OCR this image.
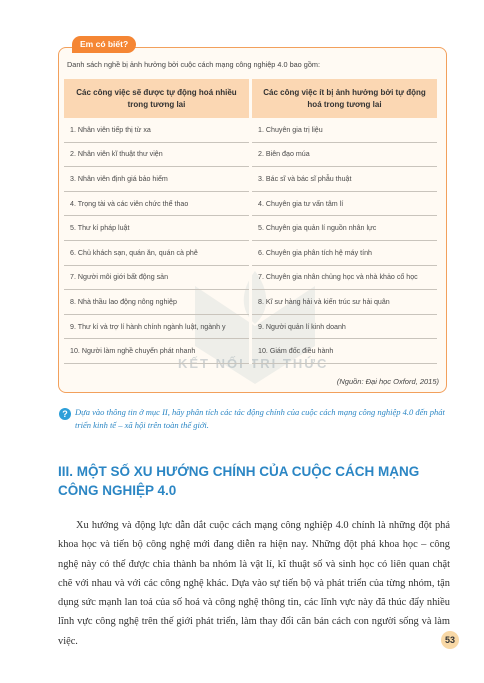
Em có biết?
Danh sách nghề bị ảnh hưởng bởi cuộc cách mạng công nghiệp 4.0 bao gồm:
KẾT NỐI TRI THỨC
Các công việc sẽ được tự động hoá nhiều trong tương lai	Các công việc ít bị ảnh hưởng bởi tự động hoá trong tương lai
1. Nhân viên tiếp thị từ xa	1. Chuyên gia trị liệu
2. Nhân viên kĩ thuật thư viện	2. Biên đạo múa
3. Nhân viên định giá bảo hiểm	3. Bác sĩ và bác sĩ phẫu thuật
4. Trọng tài và các viên chức thể thao	4. Chuyên gia tư vấn tâm lí
5. Thư kí pháp luật	5. Chuyên gia quản lí nguồn nhân lực
6. Chủ khách sạn, quán ăn, quán cà phê	6. Chuyên gia phân tích hệ máy tính
7. Người môi giới bất động sản	7. Chuyên gia nhân chủng học và nhà khảo cổ học
8. Nhà thầu lao động nông nghiệp	8. Kĩ sư hàng hải và kiến trúc sư hải quân
9. Thư kí và trợ lí hành chính ngành luật, ngành y	9. Người quản lí kinh doanh
10. Người làm nghề chuyển phát nhanh	10. Giám đốc điều hành
(Nguồn: Đại học Oxford, 2015)
? Dựa vào thông tin ở mục II, hãy phân tích các tác động chính của cuộc cách mạng công nghiệp 4.0 đến phát triển kinh tế – xã hội trên toàn thế giới.
III. MỘT SỐ XU HƯỚNG CHÍNH CỦA CUỘC CÁCH MẠNG CÔNG NGHIỆP 4.0
Xu hướng và động lực dẫn dắt cuộc cách mạng công nghiệp 4.0 chính là những đột phá khoa học và tiến bộ công nghệ mới đang diễn ra hiện nay. Những đột phá khoa học – công nghệ này có thể được chia thành ba nhóm là vật lí, kĩ thuật số và sinh học có liên quan chặt chẽ với nhau và với các công nghệ khác. Dựa vào sự tiến bộ và phát triển của từng nhóm, tận dụng sức mạnh lan toả của số hoá và công nghệ thông tin, các lĩnh vực này đã thúc đẩy nhiều lĩnh vực công nghệ trên thế giới phát triển, làm thay đổi căn bản cách con người sống và làm việc.	53
